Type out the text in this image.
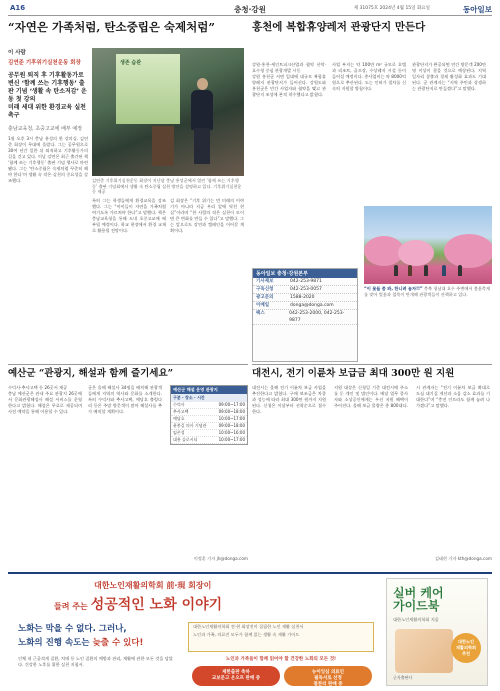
A16	충청·강원	제 31075호 2024년 4월 15일 화요일	동아일보
“자연은 가족처럼, 탄소중립은 숙제처럼”
이 사람
김연준 기후위기실천운동 회장
공무원 퇴직 후 기후활동가로 변신 ‘함께 쓰는 기후행동’ 출판 기념 ‘생활 속 탄소저감’ 운동 첫 강의
미래 세대 위한 환경교육 실천 촉구
충남교육청, 초중고교에 배부 예정
1월 오후 3시 충남 홍성의 한 강의실. 김연준 회장이 무대에 올랐다. 그는 공무원으로 30여 년간 일한 뒤 퇴직하고 기후활동가의 길을 걷고 있다. 이날 강연은 최근 출간된 책 ‘함께 쓰는 기후행동’ 출판 기념 행사로 마련됐다. 그는 ‘탄소중립은 숙제처럼 꾸준히 해야 한다’며 생활 속 작은 실천의 중요성을 강조했다.
생존 습관
김연준 기후위기실천운동 회장이 지난달 충남 홍성군에서 열린 ‘함께 쓰는 기후행동’ 출판 기념회에서 생활 속 탄소중립 실천 방안을 설명하고 있다. 기후위기실천운동 제공
특히 그는 학생들에게 환경교육을 강조했다. 그는 “아이들이 자연을 가족처럼 여기도록 가르쳐야 한다”고 말했다. 책은 충남교육청을 통해 도내 초중고교에 배부될 예정이다. 학교 현장에서 환경 교재로 활용될 전망이다.
김 회장은 “기후 위기는 먼 미래의 이야기가 아니라 지금 우리 앞에 닥친 현실”이라며 “한 사람의 작은 실천이 모이면 큰 변화를 만들 수 있다”고 말했다. 그는 앞으로도 강연과 캠페인을 이어갈 계획이다.
홍천에 복합휴양레저 관광단지 만든다
강원·홍천-세인트피크산업과 협약 산악·호수형 중심 관광개발 시동
강원 홍천군 서면 일대에 대규모 복합휴양레저 관광단지가 들어선다. 강원도와 홍천군은 민간 사업자와 협약을 맺고 관광단지 조성에 본격 착수했다고 밝혔다.
사업 부지는 약 100만 m² 규모로 호텔과 리조트, 골프장, 수상레저 시설 등이 들어설 예정이다. 총사업비는 약 8000억 원으로 추산된다. 도는 인허가 절차를 신속히 지원할 방침이다.
관광단지가 완공되면 연간 방문객 200만 명 이상이 찾을 것으로 예상된다. 지역 일자리 창출과 경제 활성화 효과도 기대된다. 군 관계자는 “지역 주민과 상생하는 관광단지로 만들겠다”고 말했다.
“이 꽃들 좀 봐, 한니려 놓자!!” 충북 청남대 호수 주변에서 봄꽃축제를 맞아 벚꽃과 철쭉이 만개해 관광객들이 산책하고 있다.
동아일보 충청·강원본부
기사제보	042-253-9871
구독신청	042-253-0057
광고문의	1588-2020
이메일	donga@donga.com
팩스	042-253-2000, 042-253-9877
예산군 “관광지, 해설과 함께 즐기세요”
수덕사·추사고택 등 26곳서 제공
충남 예산군은 관내 주요 관광지 26곳에서 문화관광해설사 해설 서비스를 운영한다고 밝혔다. 해설은 무료로 제공되며 사전 예약을 통해 이용할 수 있다.
군은 올해 해설사 34명을 배치해 관광객들에게 지역의 역사와 문화를 소개한다. 특히 수덕사와 추사고택, 예당호 출렁다리 등은 주말 방문객이 많아 해설사를 추가 배치할 계획이다.
예산군 해설 운영 관광지
구분 · 장소 · 시간
수덕사	09:00~17:00
추사고택	09:00~18:00
예당호	10:00~17:00
윤봉길 의사 기념관	09:00~18:00
임존성	10:00~16:00
대흥 슬로시티	10:00~17:00
이정훈 기자 jh@donga.com
대전시, 전기 이륜차 보급금 최대 300만 원 지원
대전시는 올해 전기 이륜차 보급 사업을 추진한다고 밝혔다. 구매 보조금은 차종과 성능에 따라 최대 300만 원까지 지원된다. 신청은 이달부터 선착순으로 접수한다.
지원 대상은 신청일 기준 대전시에 주소를 둔 개인 및 법인이다. 배달 업무 종사자와 소상공인에게는 우선 지원 혜택이 주어진다. 올해 보급 물량은 총 800대다.
시 관계자는 “전기 이륜차 보급 확대로 도심 대기질 개선과 소음 감소 효과를 기대한다”며 “충전 인프라도 함께 늘려 나가겠다”고 말했다.
김태현 기자 kth@donga.com
대한노인재활의학회 前·現 회장이
들려 주는 성공적인 노화 이야기
노화는 막을 수 없다. 그러나,
노화의 진행 속도는 늦출 수 있다!
인체 내 근골격계 질환, 치매 등 노인 질환의 예방과 관리, 재활에 관한 모든 것을 담았다. 건강한 노후를 위한 실천 지침서.
대한노인재활의학회 전·현 회장진이 집필한 노인 재활 실천서
노인과 가족, 의료진 모두가 함께 읽는 생활 속 재활 가이드
노인과 가족들이 함께 읽어야 할 건강한 노화의 모든 것!
제한출판 축하
교보문고 온오프 판매 중
뉴이잉심 의료인
필독서로 선정
절찬리 판매 중
실버 케어
가이드북
대한노인재활의학회 지음
대한노인
재활의학회
추천
군자출판사
